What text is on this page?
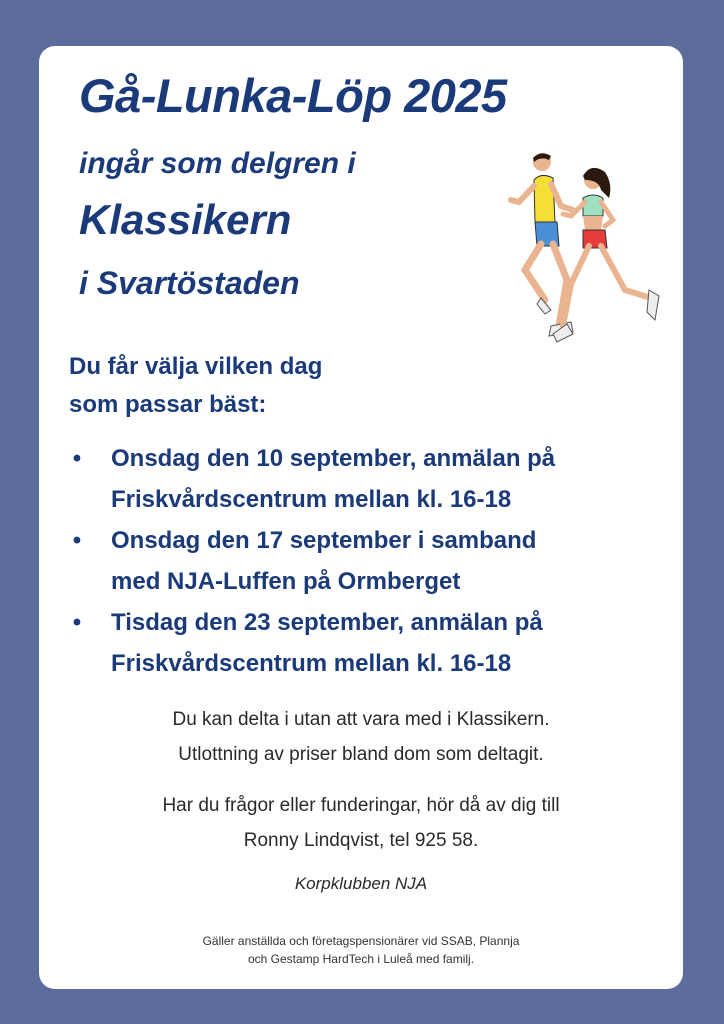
Gå-Lunka-Löp 2025
ingår som delgren i
Klassikern
i Svartöstaden
Du får välja vilken dag
som passar bäst:
• Onsdag den 10 september, anmälan på
Friskvårdscentrum mellan kl. 16-18
• Onsdag den 17 september i samband
med NJA-Luffen på Ormberget
• Tisdag den 23 september, anmälan på
Friskvårdscentrum mellan kl. 16-18
Du kan delta i utan att vara med i Klassikern.
Utlottning av priser bland dom som deltagit.
Har du frågor eller funderingar, hör då av dig till
Ronny Lindqvist, tel 925 58.
Korpklubben NJA
Gäller anställda och företagspensionärer vid SSAB, Plannja
och Gestamp HardTech i Luleå med familj.
